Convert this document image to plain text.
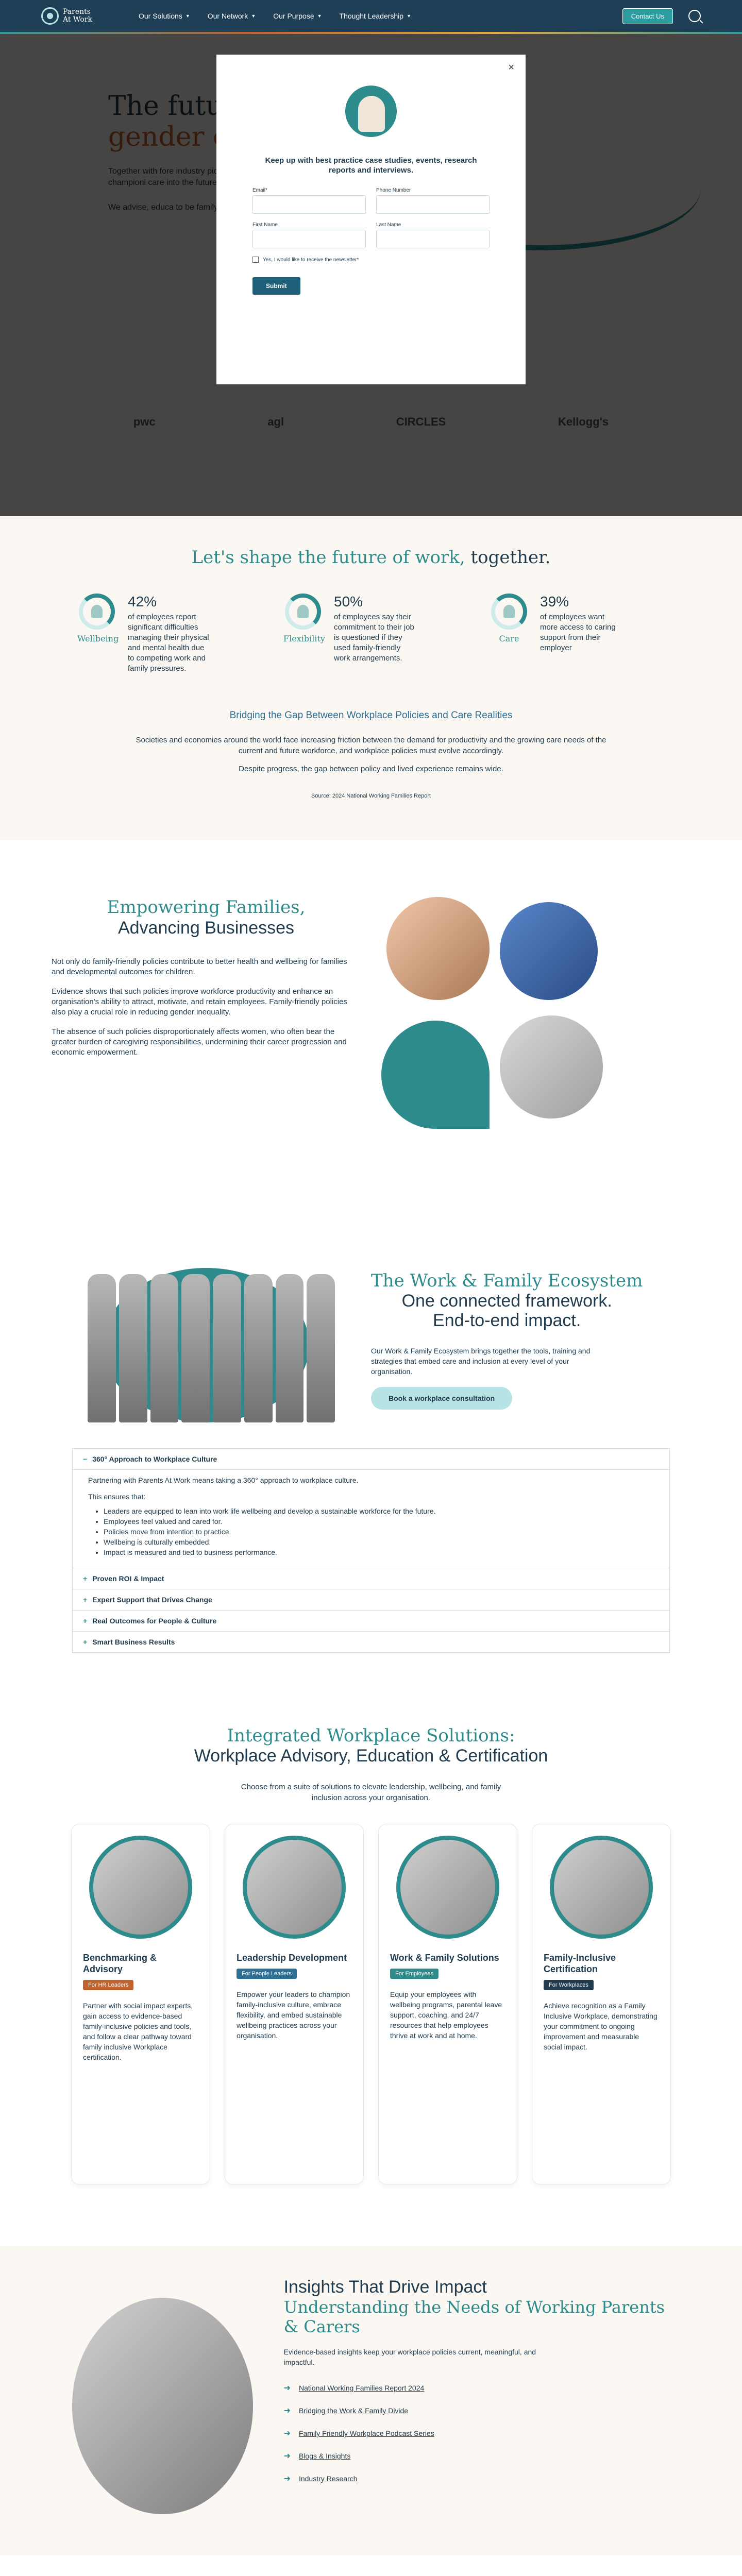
Parents
At Work	Our Solutions ▼ Our Network ▼ Our Purpose ▼ Thought Leadership ▼	Contact Us

×
Keep up with best practice case studies, events, research reports and interviews.
Email*	Phone Number
First Name	Last Name
Yes, I would like to receive the newsletter*
Submit
Let's shape the future of work, together.
Wellbeing
42%
of employees report significant difficulties managing their physical and mental health due to competing work and family pressures.
Flexibility
50%
of employees say their commitment to their job is questioned if they used family-friendly work arrangements.
Care
39%
of employees want more access to caring support from their employer
Bridging the Gap Between Workplace Policies and Care Realities

Societies and economies around the world face increasing friction between the demand for productivity and the growing care needs of the current and future workforce, and workplace policies must evolve accordingly.

Despite progress, the gap between policy and lived experience remains wide.

Source: 2024 National Working Families Report
Empowering Families,
Advancing Businesses

Not only do family-friendly policies contribute to better health and wellbeing for families and developmental outcomes for children.

Evidence shows that such policies improve workforce productivity and enhance an organisation's ability to attract, motivate, and retain employees. Family-friendly policies also play a crucial role in reducing gender inequality.

The absence of such policies disproportionately affects women, who often bear the greater burden of caregiving responsibilities, undermining their career progression and economic empowerment.

The Work & Family Ecosystem
One connected framework.
End-to-end impact.

Our Work & Family Ecosystem brings together the tools, training and strategies that embed care and inclusion at every level of your organisation.

Book a workplace consultation
− 360° Approach to Workplace Culture
Partnering with Parents At Work means taking a 360° approach to workplace culture.
This ensures that:
• Leaders are equipped to lean into work life wellbeing and develop a sustainable workforce for the future.
• Employees feel valued and cared for.
• Policies move from intention to practice.
• Wellbeing is culturally embedded.
• Impact is measured and tied to business performance.
+ Proven ROI & Impact
+ Expert Support that Drives Change
+ Real Outcomes for People & Culture
+ Smart Business Results
Integrated Workplace Solutions:
Workplace Advisory, Education & Certification

Choose from a suite of solutions to elevate leadership, wellbeing, and family inclusion across your organisation.

Benchmarking & Advisory
For HR Leaders

Partner with social impact experts, gain access to evidence-based family-inclusive policies and tools, and follow a clear pathway toward family inclusive Workplace certification.

Leadership Development
For People Leaders

Empower your leaders to champion family-inclusive culture, embrace flexibility, and embed sustainable wellbeing practices across your organisation.

Work & Family Solutions
For Employees

Equip your employees with wellbeing programs, parental leave support, coaching, and 24/7 resources that help employees thrive at work and at home.

Family-Inclusive Certification
For Workplaces

Achieve recognition as a Family Inclusive Workplace, demonstrating your commitment to ongoing improvement and measurable social impact.

Insights That Drive Impact
Understanding the Needs of Working Parents & Carers

Evidence-based insights keep your workplace policies current, meaningful, and impactful.

➜ National Working Families Report 2024
➜ Bridging the Work & Family Divide
➜ Family Friendly Workplace Podcast Series
➜ Blogs & Insights
➜ Industry Research
